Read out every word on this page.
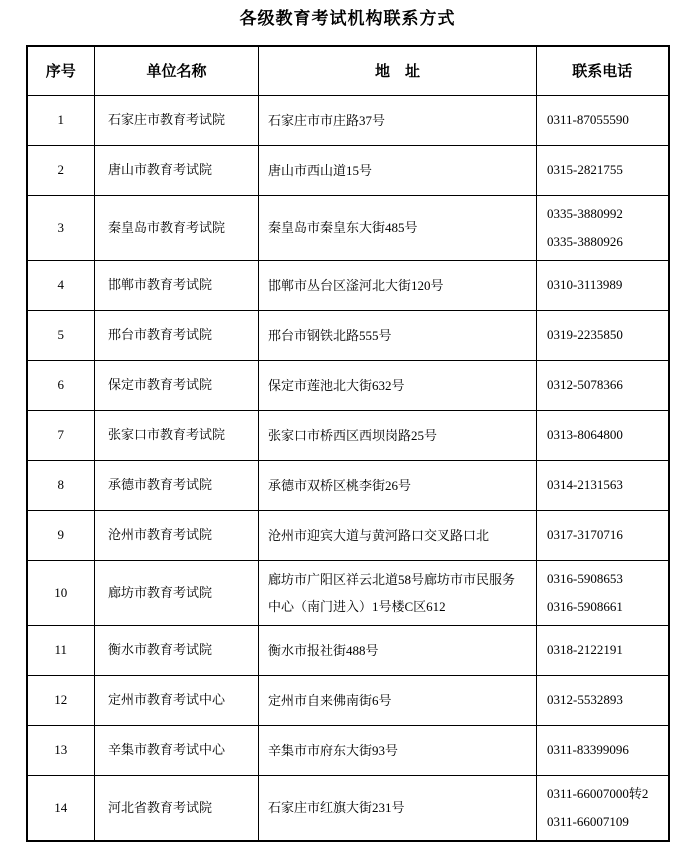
各级教育考试机构联系方式
序号	单位名称	地　址	联系电话
1	石家庄市教育考试院	石家庄市市庄路37号	0311-87055590

2	唐山市教育考试院	唐山市西山道15号	0315-2821755

3	秦皇岛市教育考试院	秦皇岛市秦皇东大街485号	0335-3880992
0335-3880926

4	邯郸市教育考试院	邯郸市丛台区滏河北大街120号	0310-3113989

5	邢台市教育考试院	邢台市钢铁北路555号	0319-2235850

6	保定市教育考试院	保定市莲池北大街632号	0312-5078366

7	张家口市教育考试院	张家口市桥西区西坝岗路25号	0313-8064800

8	承德市教育考试院	承德市双桥区桃李街26号	0314-2131563

9	沧州市教育考试院	沧州市迎宾大道与黄河路口交叉路口北	0317-3170716

10	廊坊市教育考试院	廊坊市广阳区祥云北道58号廊坊市市民服务中心（南门进入）1号楼C区612	0316-5908653
0316-5908661

11	衡水市教育考试院	衡水市报社街488号	0318-2122191

12	定州市教育考试中心	定州市自来佛南街6号	0312-5532893

13	辛集市教育考试中心	辛集市市府东大街93号	0311-83399096

14	河北省教育考试院	石家庄市红旗大街231号	0311-66007000转2
0311-66007109
